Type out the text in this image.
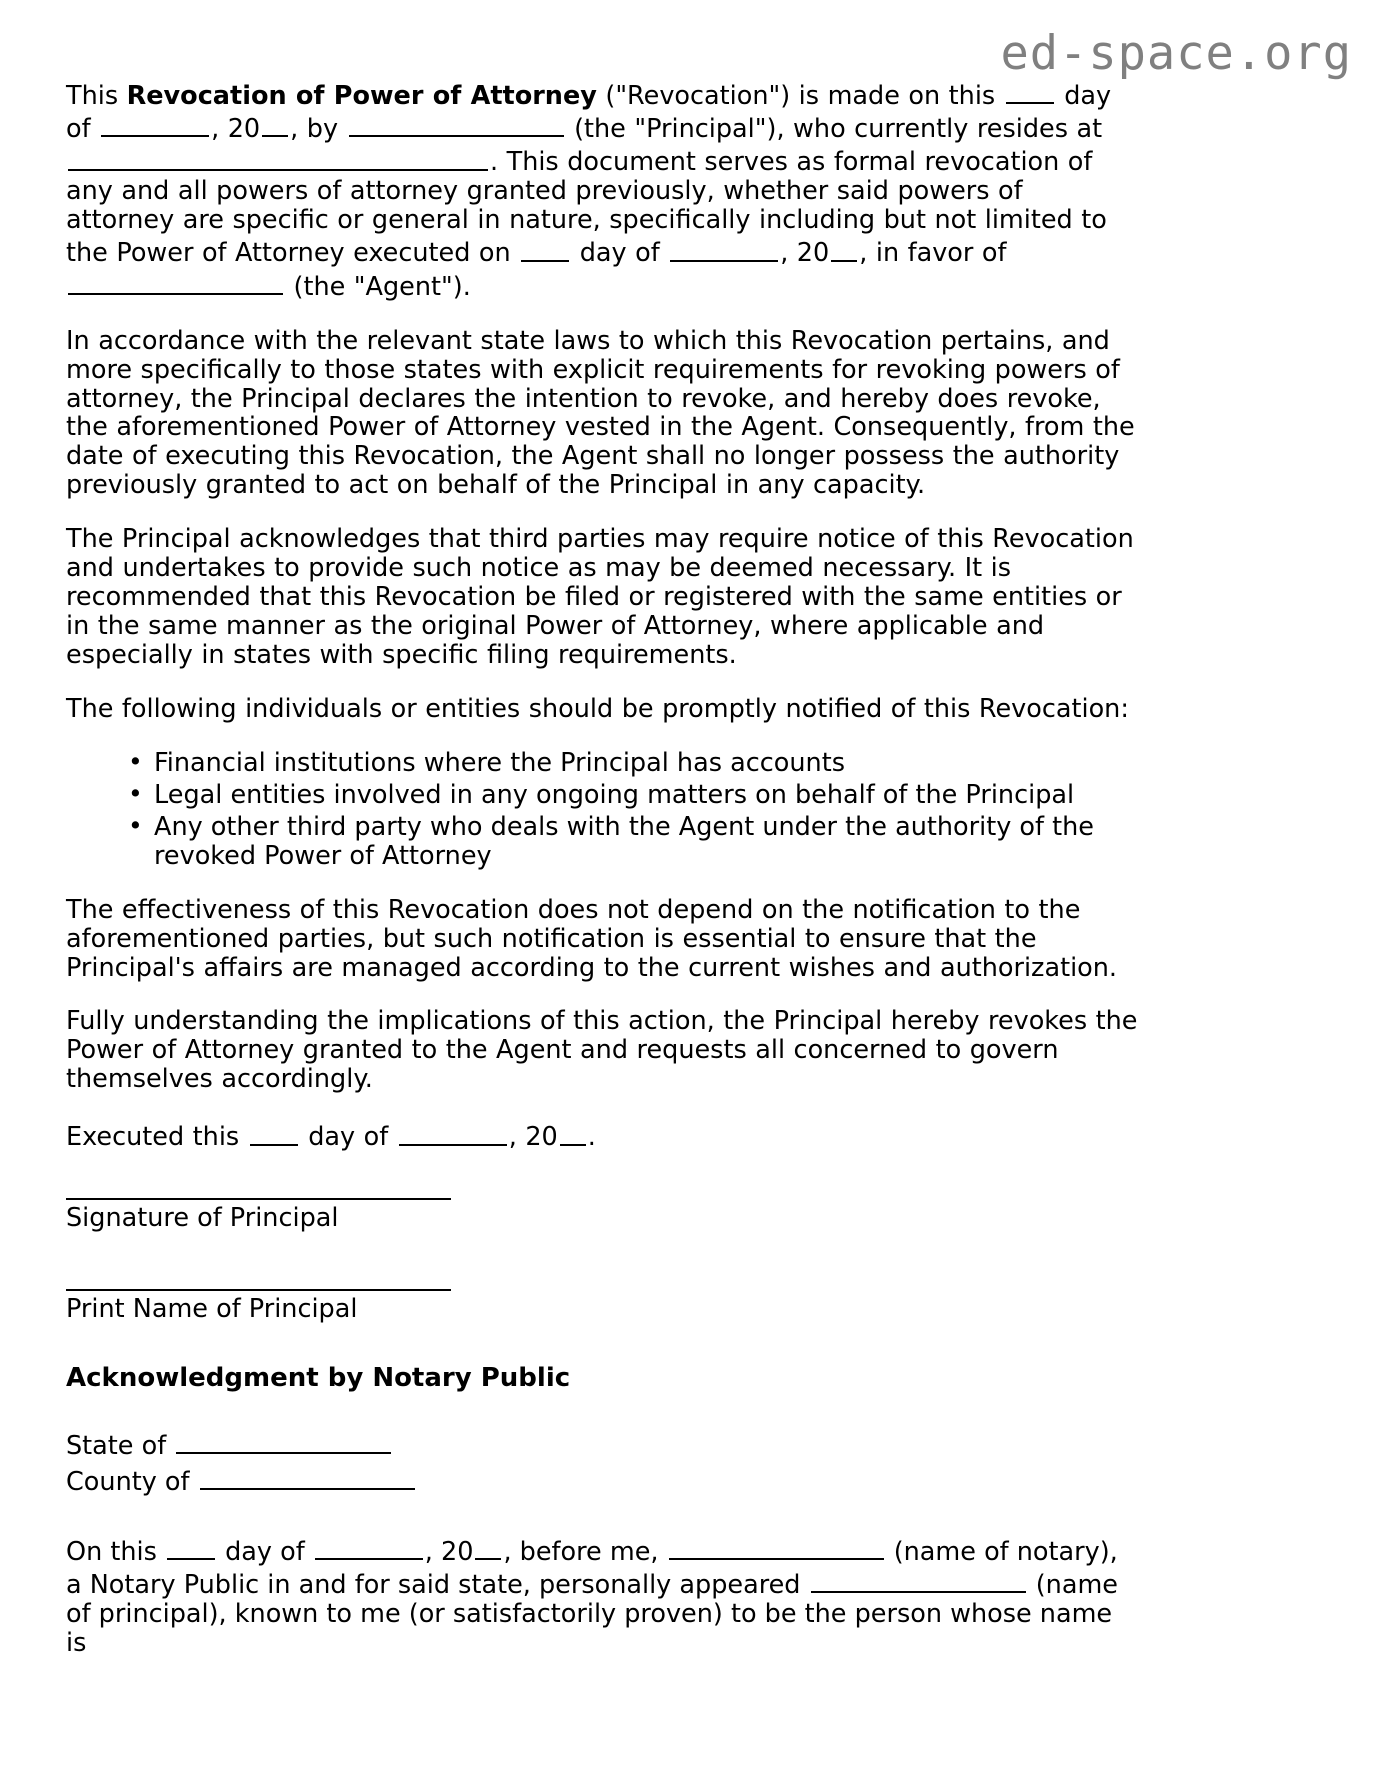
ed-space.org

This Revocation of Power of Attorney ("Revocation") is made on this  day of	, 20 , by	(the "Principal"), who currently resides at . This document serves as formal revocation of any and all powers of attorney granted previously, whether said powers of attorney are specific or general in nature, specifically including but not limited to the Power of Attorney executed on  day of	, 20 , in favor of  (the "Agent").

In accordance with the relevant state laws to which this Revocation pertains, and more specifically to those states with explicit requirements for revoking powers of attorney, the Principal declares the intention to revoke, and hereby does revoke, the aforementioned Power of Attorney vested in the Agent. Consequently, from the date of executing this Revocation, the Agent shall no longer possess the authority previously granted to act on behalf of the Principal in any capacity.

The Principal acknowledges that third parties may require notice of this Revocation and undertakes to provide such notice as may be deemed necessary. It is recommended that this Revocation be filed or registered with the same entities or in the same manner as the original Power of Attorney, where applicable and especially in states with specific filing requirements.

The following individuals or entities should be promptly notified of this Revocation:

• Financial institutions where the Principal has accounts
• Legal entities involved in any ongoing matters on behalf of the Principal
• Any other third party who deals with the Agent under the authority of the revoked Power of Attorney

The effectiveness of this Revocation does not depend on the notification to the aforementioned parties, but such notification is essential to ensure that the Principal's affairs are managed according to the current wishes and authorization.

Fully understanding the implications of this action, the Principal hereby revokes the Power of Attorney granted to the Agent and requests all concerned to govern themselves accordingly.

Executed this  day of	, 20 .

Signature of Principal

Print Name of Principal

Acknowledgment by Notary Public
State of
County of

On this  day of	, 20 , before me,	(name of notary), a Notary Public in and for said state, personally appeared	(name of principal), known to me (or satisfactorily proven) to be the person whose name is
